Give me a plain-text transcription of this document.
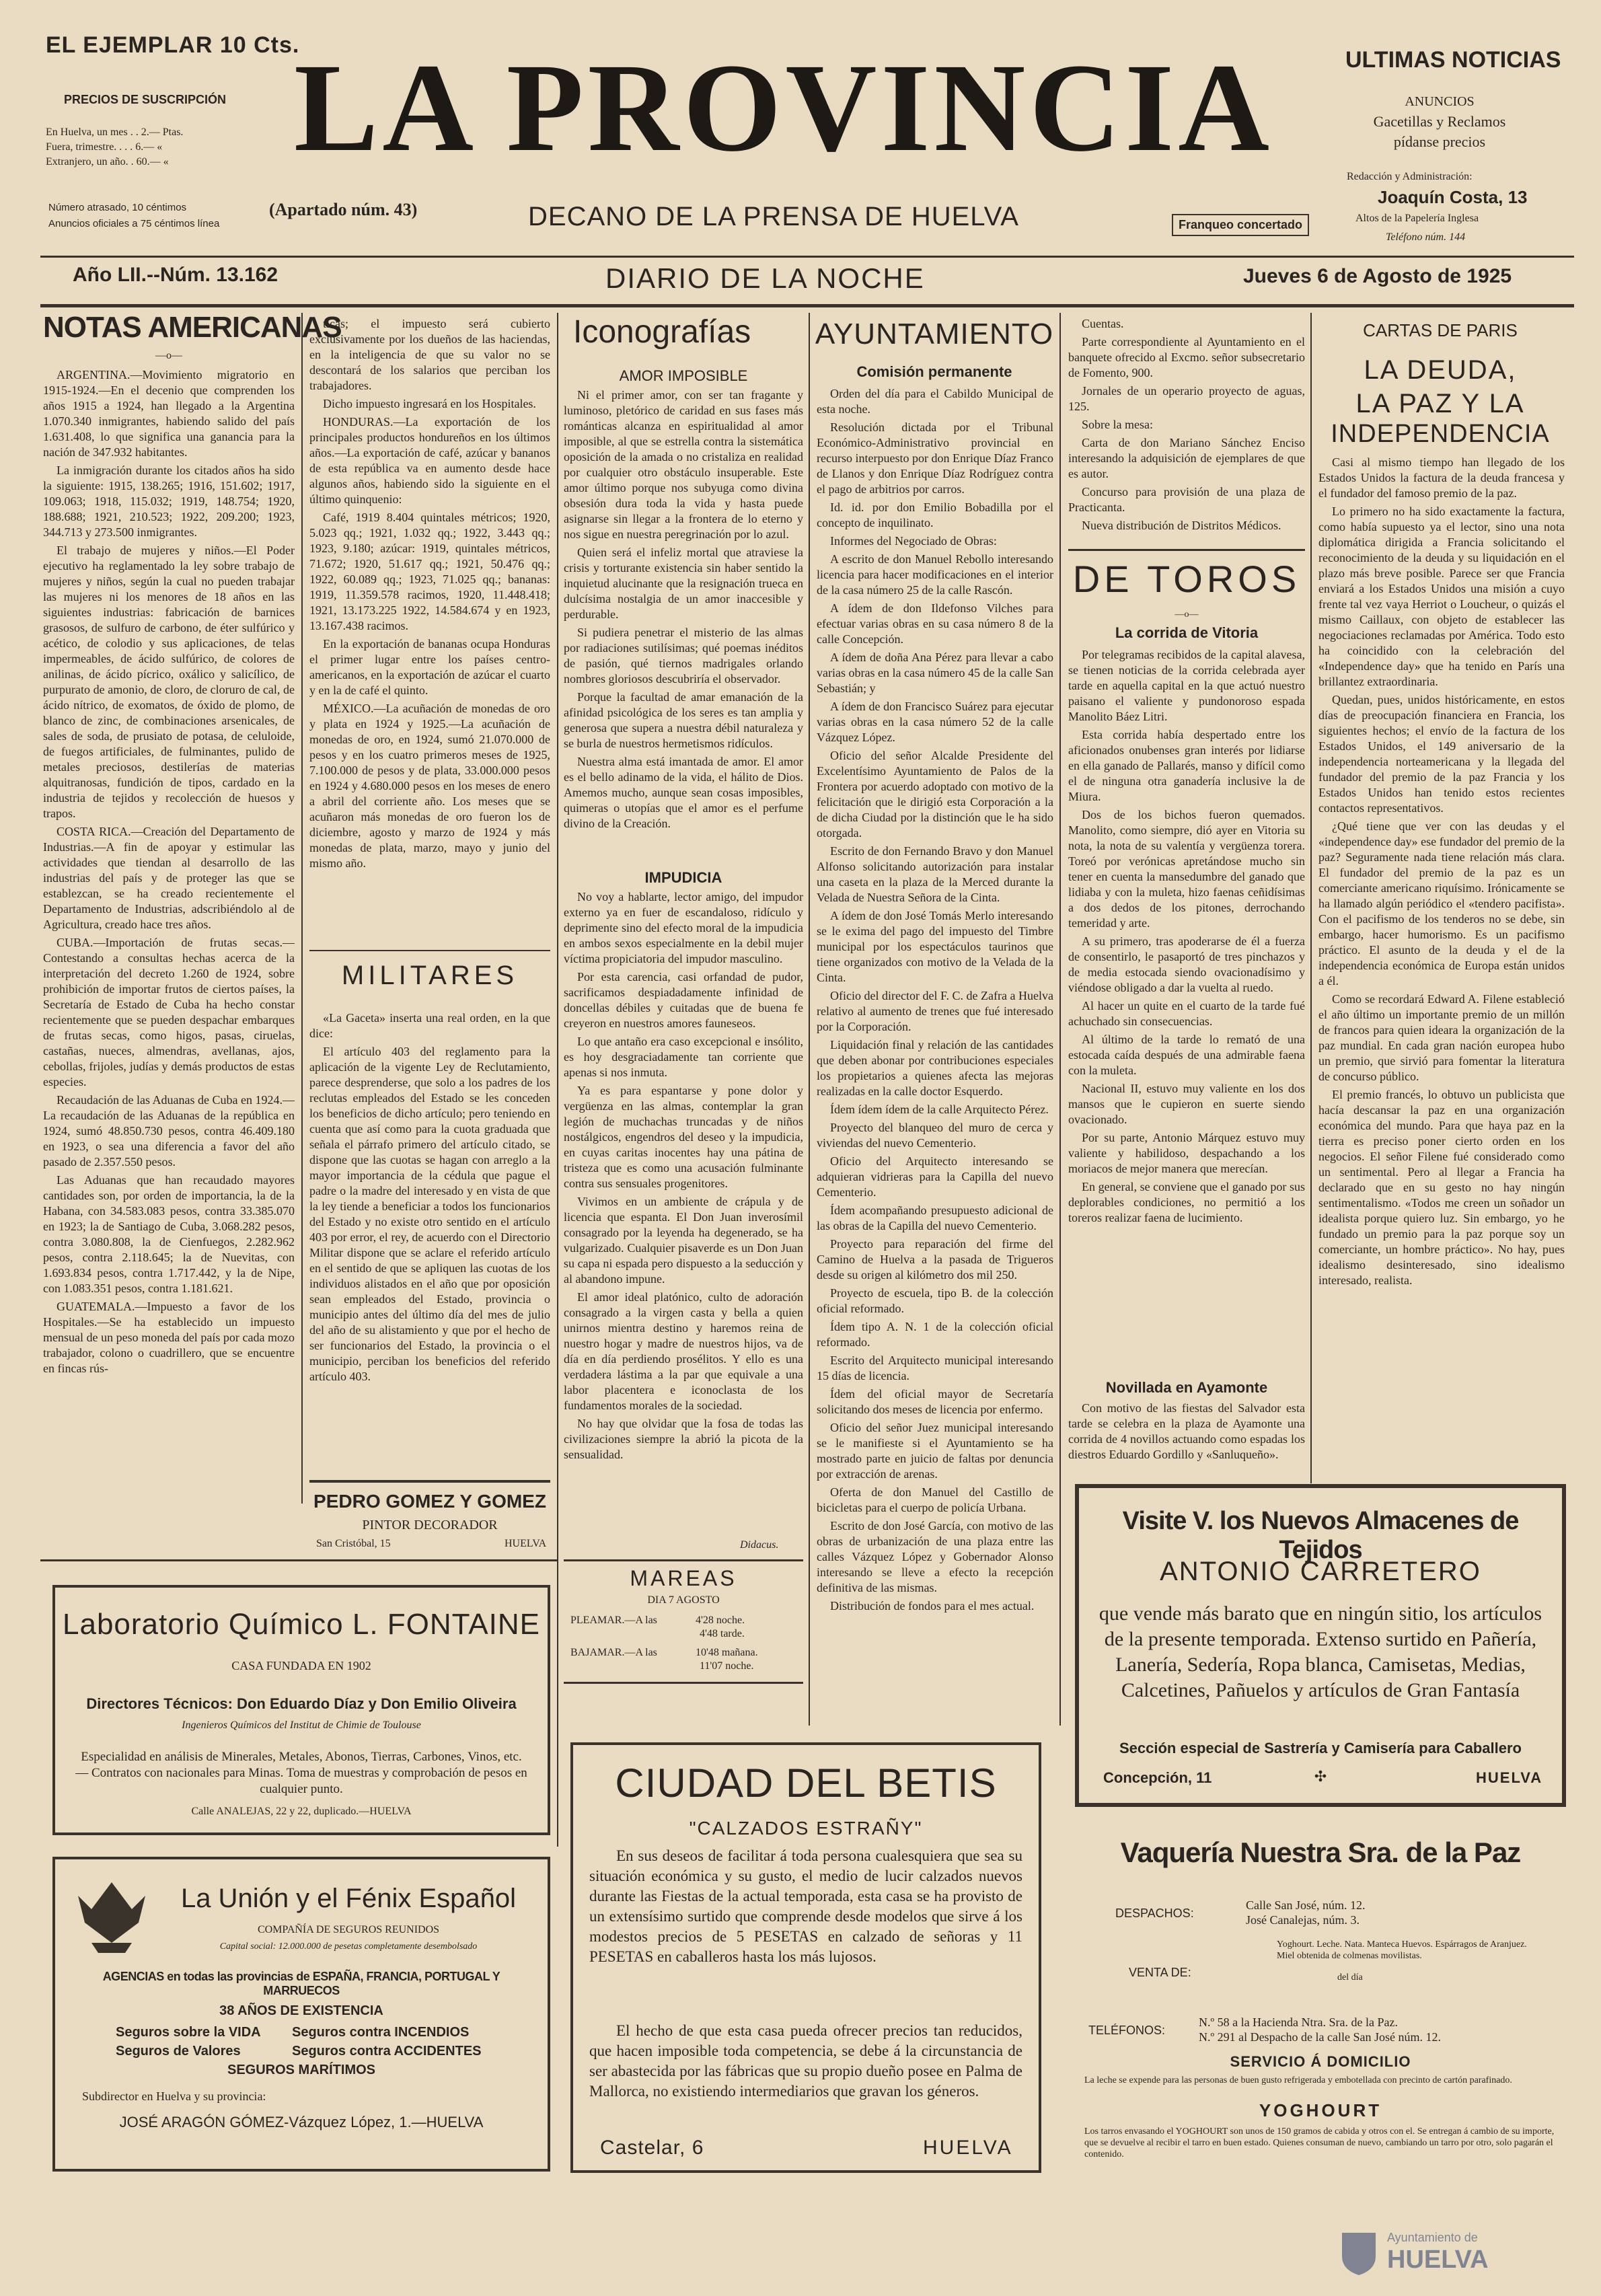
EL EJEMPLAR 10 Cts.
PRECIOS DE SUSCRIPCIÓN
En Huelva, un mes . . 2.— Ptas.
Fuera, trimestre. . . . 6.— «
Extranjero, un año. . 60.— «
Número atrasado, 10 céntimos
Anuncios oficiales a 75 céntimos línea
LA PROVINCIA
(Apartado núm. 43)	DECANO DE LA PRENSA DE HUELVA
ULTIMAS NOTICIAS
ANUNCIOS
Gacetillas y Reclamos
pídanse precios
Redacción y Administración:
Joaquín Costa, 13
Altos de la Papelería Inglesa
Teléfono núm. 144
Franqueo concertado
Año LII.--Núm. 13.162	DIARIO DE LA NOCHE	Jueves 6 de Agosto de 1925
NOTAS AMERICANAS
—o—

ARGENTINA.—Movimiento migratorio en 1915-1924.—En el decenio que comprenden los años 1915 a 1924, han llegado a la Argentina 1.070.340 inmigrantes, habiendo salido del país 1.631.408, lo que significa una ganancia para la nación de 347.932 habitantes.

La inmigración durante los citados años ha sido la siguiente: 1915, 138.265; 1916, 151.602; 1917, 109.063; 1918, 115.032; 1919, 148.754; 1920, 188.688; 1921, 210.523; 1922, 209.200; 1923, 344.713 y 273.500 inmigrantes.

El trabajo de mujeres y niños.—El Poder ejecutivo ha reglamentado la ley sobre trabajo de mujeres y niños, según la cual no pueden trabajar las mujeres ni los menores de 18 años en las siguientes industrias: fabricación de barnices grasosos, de sulfuro de carbono, de éter sulfúrico y acético, de colodio y sus aplicaciones, de telas impermeables, de ácido sulfúrico, de colores de anilinas, de ácido pícrico, oxálico y salicílico, de purpurato de amonio, de cloro, de cloruro de cal, de ácido nítrico, de exomatos, de óxido de plomo, de blanco de zinc, de combinaciones arsenicales, de sales de soda, de prusiato de potasa, de celuloide, de fuegos artificiales, de fulminantes, pulido de metales preciosos, destilerías de materias alquitranosas, fundición de tipos, cardado en la industria de tejidos y recolección de huesos y trapos.

COSTA RICA.—Creación del Departamento de Industrias.—A fin de apoyar y estimular las actividades que tiendan al desarrollo de las industrias del país y de proteger las que se establezcan, se ha creado recientemente el Departamento de Industrias, adscribiéndolo al de Agricultura, creado hace tres años.

CUBA.—Importación de frutas secas.—Contestando a consultas hechas acerca de la interpretación del decreto 1.260 de 1924, sobre prohibición de importar frutos de ciertos países, la Secretaría de Estado de Cuba ha hecho constar recientemente que se pueden despachar embarques de frutas secas, como higos, pasas, ciruelas, castañas, nueces, almendras, avellanas, ajos, cebollas, frijoles, judías y demás productos de estas especies.

Recaudación de las Aduanas de Cuba en 1924.—La recaudación de las Aduanas de la república en 1924, sumó 48.850.730 pesos, contra 46.409.180 en 1923, o sea una diferencia a favor del año pasado de 2.357.550 pesos.

Las Aduanas que han recaudado mayores cantidades son, por orden de importancia, la de la Habana, con 34.583.083 pesos, contra 33.385.070 en 1923; la de Santiago de Cuba, 3.068.282 pesos, contra 3.080.808, la de Cienfuegos, 2.282.962 pesos, contra 2.118.645; la de Nuevitas, con 1.693.834 pesos, contra 1.717.442, y la de Nipe, con 1.083.351 pesos, contra 1.181.621.

GUATEMALA.—Impuesto a favor de los Hospitales.—Se ha establecido un impuesto mensual de un peso moneda del país por cada mozo trabajador, colono o cuadrillero, que se encuentre en fincas rús-

ticas; el impuesto será cubierto exclusivamente por los dueños de las haciendas, en la inteligencia de que su valor no se descontará de los salarios que perciban los trabajadores.

Dicho impuesto ingresará en los Hospitales.

HONDURAS.—La exportación de los principales productos hondureños en los últimos años.—La exportación de café, azúcar y bananos de esta república va en aumento desde hace algunos años, habiendo sido la siguiente en el último quinquenio:

Café, 1919 8.404 quintales métricos; 1920, 5.023 qq.; 1921, 1.032 qq.; 1922, 3.443 qq.; 1923, 9.180; azúcar: 1919, quintales métricos, 71.672; 1920, 51.617 qq.; 1921, 50.476 qq.; 1922, 60.089 qq.; 1923, 71.025 qq.; bananas: 1919, 11.359.578 racimos, 1920, 11.448.418; 1921, 13.173.225 1922, 14.584.674 y en 1923, 13.167.438 racimos.

En la exportación de bananas ocupa Honduras el primer lugar entre los países centro-americanos, en la exportación de azúcar el cuarto y en la de café el quinto.

MÉXICO.—La acuñación de monedas de oro y plata en 1924 y 1925.—La acuñación de monedas de oro, en 1924, sumó 21.070.000 de pesos y en los cuatro primeros meses de 1925, 7.100.000 de pesos y de plata, 33.000.000 pesos en 1924 y 4.680.000 pesos en los meses de enero a abril del corriente año. Los meses que se acuñaron más monedas de oro fueron los de diciembre, agosto y marzo de 1924 y más monedas de plata, marzo, mayo y junio del mismo año.

MILITARES

«La Gaceta» inserta una real orden, en la que dice:

El artículo 403 del reglamento para la aplicación de la vigente Ley de Reclutamiento, parece desprenderse, que solo a los padres de los reclutas empleados del Estado se les conceden los beneficios de dicho artículo; pero teniendo en cuenta que así como para la cuota graduada que señala el párrafo primero del artículo citado, se dispone que las cuotas se hagan con arreglo a la mayor importancia de la cédula que pague el padre o la madre del interesado y en vista de que la ley tiende a beneficiar a todos los funcionarios del Estado y no existe otro sentido en el artículo 403 por error, el rey, de acuerdo con el Directorio Militar dispone que se aclare el referido artículo en el sentido de que se apliquen las cuotas de los individuos alistados en el año que por oposición sean empleados del Estado, provincia o municipio antes del último día del mes de julio del año de su alistamiento y que por el hecho de ser funcionarios del Estado, la provincia o el municipio, perciban los beneficios del referido artículo 403.

PEDRO GOMEZ Y GOMEZ
PINTOR DECORADOR
San Cristóbal, 15	HUELVA
Iconografías
AMOR IMPOSIBLE

Ni el primer amor, con ser tan fragante y luminoso, pletórico de caridad en sus fases más románticas alcanza en espiritualidad al amor imposible, al que se estrella contra la sistemática oposición de la amada o no cristaliza en realidad por cualquier otro obstáculo insuperable. Este amor último porque nos subyuga como divina obsesión dura toda la vida y hasta puede asignarse sin llegar a la frontera de lo eterno y nos sigue en nuestra peregrinación por lo azul.

Quien será el infeliz mortal que atraviese la crisis y torturante existencia sin haber sentido la inquietud alucinante que la resignación trueca en dulcísima nostalgia de un amor inaccesible y perdurable.

Si pudiera penetrar el misterio de las almas por radiaciones sutilísimas; qué poemas inéditos de pasión, qué tiernos madrigales orlando nombres gloriosos descubriría el observador.

Porque la facultad de amar emanación de la afinidad psicológica de los seres es tan amplia y generosa que supera a nuestra débil naturaleza y se burla de nuestros hermetismos ridículos.

Nuestra alma está imantada de amor. El amor es el bello adinamo de la vida, el hálito de Dios. Amemos mucho, aunque sean cosas imposibles, quimeras o utopías que el amor es el perfume divino de la Creación.

IMPUDICIA

No voy a hablarte, lector amigo, del impudor externo ya en fuer de escandaloso, ridículo y deprimente sino del efecto moral de la impudicia en ambos sexos especialmente en la debil mujer víctima propiciatoria del impudor masculino.

Por esta carencia, casi orfandad de pudor, sacrificamos despiadadamente infinidad de doncellas débiles y cuitadas que de buena fe creyeron en nuestros amores fauneseos.

Lo que antaño era caso excepcional e insólito, es hoy desgraciadamente tan corriente que apenas si nos inmuta.

Ya es para espantarse y pone dolor y vergüenza en las almas, contemplar la gran legión de muchachas truncadas y de niños nostálgicos, engendros del deseo y la impudicia, en cuyas caritas inocentes hay una pátina de tristeza que es como una acusación fulminante contra sus sensuales progenitores.

Vivimos en un ambiente de crápula y de licencia que espanta. El Don Juan inverosímil consagrado por la leyenda ha degenerado, se ha vulgarizado. Cualquier pisaverde es un Don Juan su capa ni espada pero dispuesto a la seducción y al abandono impune.

El amor ideal platónico, culto de adoración consagrado a la virgen casta y bella a quien unirnos mientra destino y haremos reina de nuestro hogar y madre de nuestros hijos, va de día en día perdiendo prosélitos. Y ello es una verdadera lástima a la par que equivale a una labor placentera e iconoclasta de los fundamentos morales de la sociedad.

No hay que olvidar que la fosa de todas las civilizaciones siempre la abrió la picota de la sensualidad.

Didacus.
MAREAS
DIA 7 AGOSTO
PLEAMAR.—A las	4'28 noche.
4'48 tarde.
BAJAMAR.—A las	10'48 mañana.
11'07 noche.
AYUNTAMIENTO
Comisión permanente

Orden del día para el Cabildo Municipal de esta noche.

Resolución dictada por el Tribunal Económico-Administrativo provincial en recurso interpuesto por don Enrique Díaz Franco de Llanos y don Enrique Díaz Rodríguez contra el pago de arbitrios por carros.

Id. id. por don Emilio Bobadilla por el concepto de inquilinato.

Informes del Negociado de Obras:

A escrito de don Manuel Rebollo interesando licencia para hacer modificaciones en el interior de la casa número 25 de la calle Rascón.

A ídem de don Ildefonso Vilches para efectuar varias obras en su casa número 8 de la calle Concepción.

A ídem de doña Ana Pérez para llevar a cabo varias obras en la casa número 45 de la calle San Sebastián; y

A ídem de don Francisco Suárez para ejecutar varias obras en la casa número 52 de la calle Vázquez López.

Oficio del señor Alcalde Presidente del Excelentísimo Ayuntamiento de Palos de la Frontera por acuerdo adoptado con motivo de la felicitación que le dirigió esta Corporación a la de dicha Ciudad por la distinción que le ha sido otorgada.

Escrito de don Fernando Bravo y don Manuel Alfonso solicitando autorización para instalar una caseta en la plaza de la Merced durante la Velada de Nuestra Señora de la Cinta.

A ídem de don José Tomás Merlo interesando se le exima del pago del impuesto del Timbre municipal por los espectáculos taurinos que tiene organizados con motivo de la Velada de la Cinta.

Oficio del director del F. C. de Zafra a Huelva relativo al aumento de trenes que fué interesado por la Corporación.

Liquidación final y relación de las cantidades que deben abonar por contribuciones especiales los propietarios a quienes afecta las mejoras realizadas en la calle doctor Esquerdo.

Ídem ídem ídem de la calle Arquitecto Pérez.

Proyecto del blanqueo del muro de cerca y viviendas del nuevo Cementerio.

Oficio del Arquitecto interesando se adquieran vidrieras para la Capilla del nuevo Cementerio.

Ídem acompañando presupuesto adicional de las obras de la Capilla del nuevo Cementerio.

Proyecto para reparación del firme del Camino de Huelva a la pasada de Trigueros desde su origen al kilómetro dos mil 250.

Proyecto de escuela, tipo B. de la colección oficial reformado.

Ídem tipo A. N. 1 de la colección oficial reformado.

Escrito del Arquitecto municipal interesando 15 días de licencia.

Ídem del oficial mayor de Secretaría solicitando dos meses de licencia por enfermo.

Oficio del señor Juez municipal interesando se le manifieste si el Ayuntamiento se ha mostrado parte en juicio de faltas por denuncia por extracción de arenas.

Oferta de don Manuel del Castillo de bicicletas para el cuerpo de policía Urbana.

Escrito de don José García, con motivo de las obras de urbanización de una plaza entre las calles Vázquez López y Gobernador Alonso interesando se lleve a efecto la recepción definitiva de las mismas.

Distribución de fondos para el mes actual.

Cuentas.

Parte correspondiente al Ayuntamiento en el banquete ofrecido al Excmo. señor subsecretario de Fomento, 900.

Jornales de un operario proyecto de aguas, 125.

Sobre la mesa:

Carta de don Mariano Sánchez Enciso interesando la adquisición de ejemplares de que es autor.

Concurso para provisión de una plaza de Practicanta.

Nueva distribución de Distritos Médicos.

DE TOROS
—o—
La corrida de Vitoria

Por telegramas recibidos de la capital alavesa, se tienen noticias de la corrida celebrada ayer tarde en aquella capital en la que actuó nuestro paisano el valiente y pundonoroso espada Manolito Báez Litri.

Esta corrida había despertado entre los aficionados onubenses gran interés por lidiarse en ella ganado de Pallarés, manso y difícil como el de ninguna otra ganadería inclusive la de Miura.

Dos de los bichos fueron quemados. Manolito, como siempre, dió ayer en Vitoria su nota, la nota de su valentía y vergüenza torera. Toreó por verónicas apretándose mucho sin tener en cuenta la mansedumbre del ganado que lidiaba y con la muleta, hizo faenas ceñidísimas a dos dedos de los pitones, derrochando temeridad y arte.

A su primero, tras apoderarse de él a fuerza de consentirlo, le pasaportó de tres pinchazos y de media estocada siendo ovacionadísimo y viéndose obligado a dar la vuelta al ruedo.

Al hacer un quite en el cuarto de la tarde fué achuchado sin consecuencias.

Al último de la tarde lo remató de una estocada caída después de una admirable faena con la muleta.

Nacional II, estuvo muy valiente en los dos mansos que le cupieron en suerte siendo ovacionado.

Por su parte, Antonio Márquez estuvo muy valiente y habilidoso, despachando a los moriacos de mejor manera que merecían.

En general, se conviene que el ganado por sus deplorables condiciones, no permitió a los toreros realizar faena de lucimiento.

Novillada en Ayamonte

Con motivo de las fiestas del Salvador esta tarde se celebra en la plaza de Ayamonte una corrida de 4 novillos actuando como espadas los diestros Eduardo Gordillo y «Sanluqueño».

CARTAS DE PARIS
LA DEUDA,
LA PAZ Y LA
INDEPENDENCIA

Casi al mismo tiempo han llegado de los Estados Unidos la factura de la deuda francesa y el fundador del famoso premio de la paz.

Lo primero no ha sido exactamente la factura, como había supuesto ya el lector, sino una nota diplomática dirigida a Francia solicitando el reconocimiento de la deuda y su liquidación en el plazo más breve posible. Parece ser que Francia enviará a los Estados Unidos una misión a cuyo frente tal vez vaya Herriot o Loucheur, o quizás el mismo Caillaux, con objeto de establecer las negociaciones reclamadas por América. Todo esto ha coincidido con la celebración del «Independence day» que ha tenido en París una brillantez extraordinaria.

Quedan, pues, unidos históricamente, en estos días de preocupación financiera en Francia, los siguientes hechos; el envío de la factura de los Estados Unidos, el 149 aniversario de la independencia norteamericana y la llegada del fundador del premio de la paz Francia y los Estados Unidos han tenido estos recientes contactos representativos.

¿Qué tiene que ver con las deudas y el «independence day» ese fundador del premio de la paz? Seguramente nada tiene relación más clara. El fundador del premio de la paz es un comerciante americano riquísimo. Irónicamente se ha llamado algún periódico el «tendero pacifista». Con el pacifismo de los tenderos no se debe, sin embargo, hacer humorismo. Es un pacifismo práctico. El asunto de la deuda y el de la independencia económica de Europa están unidos a él.

Como se recordará Edward A. Filene estableció el año último un importante premio de un millón de francos para quien ideara la organización de la paz mundial. En cada gran nación europea hubo un premio, que sirvió para fomentar la literatura de concurso público.

El premio francés, lo obtuvo un publicista que hacía descansar la paz en una organización económica del mundo. Para que haya paz en la tierra es preciso poner cierto orden en los negocios. El señor Filene fué considerado como un sentimental. Pero al llegar a Francia ha declarado que en su gesto no hay ningún sentimentalismo. «Todos me creen un soñador un idealista porque quiero luz. Sin embargo, yo he fundado un premio para la paz porque soy un comerciante, un hombre práctico». No hay, pues idealismo desinteresado, sino idealismo interesado, realista.

Laboratorio Químico L. FONTAINE
CASA FUNDADA EN 1902
Directores Técnicos: Don Eduardo Díaz y Don Emilio Oliveira
Ingenieros Químicos del Institut de Chimie de Toulouse
Especialidad en análisis de Minerales, Metales, Abonos, Tierras, Carbones, Vinos, etc. — Contratos con nacionales para Minas. Toma de muestras y comprobación de pesos en cualquier punto.
Calle ANALEJAS, 22 y 22, duplicado.—HUELVA
La Unión y el Fénix Español
COMPAÑÍA DE SEGUROS REUNIDOS
Capital social: 12.000.000 de pesetas completamente desembolsado
AGENCIAS en todas las provincias de ESPAÑA, FRANCIA, PORTUGAL Y MARRUECOS
38 AÑOS DE EXISTENCIA
Seguros sobre la VIDA Seguros contra INCENDIOS
Seguros de Valores	Seguros contra ACCIDENTES
SEGUROS MARÍTIMOS
Subdirector en Huelva y su provincia:
JOSÉ ARAGÓN GÓMEZ-Vázquez López, 1.—HUELVA
CIUDAD DEL BETIS
"CALZADOS ESTRAÑY"
En sus deseos de facilitar á toda persona cualesquiera que sea su situación económica y su gusto, el medio de lucir calzados nuevos durante las Fiestas de la actual temporada, esta casa se ha provisto de un extensísimo surtido que comprende desde modelos que sirve á los modestos precios de 5 PESETAS en calzado de señoras y 11 PESETAS en caballeros hasta los más lujosos.
El hecho de que esta casa pueda ofrecer precios tan reducidos, que hacen imposible toda competencia, se debe á la circunstancia de ser abastecida por las fábricas que su propio dueño posee en Palma de Mallorca, no existiendo intermediarios que gravan los géneros.
Castelar, 6	HUELVA
Visite V. los Nuevos Almacenes de Tejidos
ANTONIO CARRETERO
que vende más barato que en ningún sitio, los artículos de la presente temporada. Extenso surtido en Pañería, Lanería, Sedería, Ropa blanca, Camisetas, Medias, Calcetines, Pañuelos y artículos de Gran Fantasía
Sección especial de Sastrería y Camisería para Caballero
Concepción, 11	✣	HUELVA
Vaquería Nuestra Sra. de la Paz
DESPACHOS:
Calle San José, núm. 12.
José Canalejas, núm. 3.
VENTA DE:
Yoghourt. Leche. Nata. Manteca Huevos. Espárragos de Aranjuez. Miel obtenida de colmenas movilistas.
del día
TELÉFONOS:
N.º 58 a la Hacienda Ntra. Sra. de la Paz.
N.º 291 al Despacho de la calle San José núm. 12.
SERVICIO Á DOMICILIO
La leche se expende para las personas de buen gusto refrigerada y embotellada con precinto de cartón parafinado.
YOGHOURT
Los tarros envasando el YOGHOURT son unos de 150 gramos de cabida y otros con el. Se entregan á cambio de su importe, que se devuelve al recibir el tarro en buen estado. Quienes consuman de nuevo, cambiando un tarro por otro, solo pagarán el contenido.
Ayuntamiento de
HUELVA
